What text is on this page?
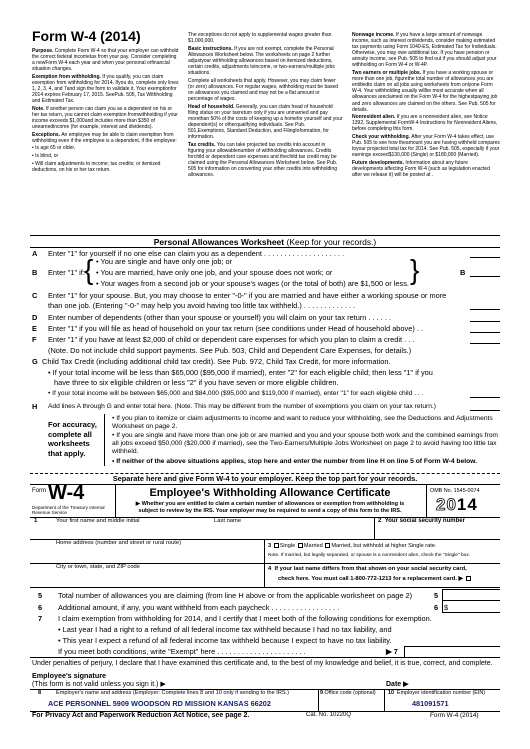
Form W-4 (2014)

Purpose. Complete Form W-4 so that your employer can withhold the correct federal incometax from your pay. Consider completing a newForm W-4 each year and when your personal orfinancial situation changes.

Exemption from withholding. If you qualify, you can claim exemption from withholding for 2014. Ifyou do, complete only lines 1, 2, 3, 4, and 7and sign the form to validate it. Your exemptionfor 2014 expires February 17, 2015. SeePub. 505, Tax Withholding and Estimated Tax.

Note. If another person can claim you as a dependent on his or her tax return, you cannot claim exemption fromwithholding if your income exceeds $1,000and includes more than $350 of unearnedincome (for example, interest and dividends).

Exceptions. An employee may be able to claim exemption from withholding even if the employee is a dependent, if the employee:

• Is age 65 or older,

• Is blind, or

• Will claim adjustments to income; tax credits; or itemized deductions, on his or her tax return.

The exceptions do not apply to supplemental wages greater than $1,000,000.

Basic instructions. If you are not exempt, complete the Personal Allowances Worksheet below. The worksheets on page 2 further adjustyour withholding allowances based on itemized deductions, certain credits, adjustments toincome, or two-earners/multiple jobs situations.

Complete all worksheets that apply. However, you may claim fewer (or zero) allowances. For regular wages, withholding must be based on allowances you claimed and may not be a flat amount or percentage of wages.

Head of household. Generally, you can claim head of household filing status on your taxreturn only if you are unmarried and pay morethan 50% of the costs of keeping up a homefor yourself and your dependent(s) or otherqualifying individuals. See Pub. 501,Exemptions, Standard Deduction, and FilingInformation, for information.

Tax credits. You can take projected tax credits into account in figuring your allowablenumber of withholding allowances. Credits forchild or dependent care expenses and thechild tax credit may be claimed using the Personal Allowances Worksheet below. See Pub. 505 for information on converting your other credits into withholding allowances.

Nonwage income. If you have a large amount of nonwage income, such as interest ordividends, consider making estimated tax payments using Form 1040-ES, Estimated Tax for Individuals. Otherwise, you may owe additional tax. If you have pension or annuity income, see Pub. 505 to find out if you should adjust your withholding on Form W-4 or W-4P.

Two earners or multiple jobs. If you have a working spouse or more than one job, figurethe total number of allowances you are entitledto claim on all jobs using worksheets from onlyone Form W-4. Your withholding usually willbe most accurate when all allowances areclaimed on the Form W-4 for the highestpaying job and zero allowances are claimed on the others. See Pub. 505 for details.

Nonresident alien. If you are a nonresident alien, see Notice 1392, Supplemental FormW-4 Instructions for Nonresident Aliens, before completing this form.

Check your withholding. After your Form W-4 takes effect, use Pub. 505 to see how theamount you are having withheld compares toyour projected total tax for 2014. See Pub. 505, especially if your earnings exceed$130,000 (Single) or $180,000 (Married).

Future developments. Information about any future developments affecting Form W-4 (such as legislation enacted after we release it) will be posted at .

Personal Allowances Worksheet (Keep for your records.)
A	Enter "1" for yourself if no one else can claim you as a dependent . . . . . . . . . . . . . . . . . . . .
B	Enter "1" if: { • You are single and have only one job; or
• You are married, have only one job, and your spouse does not work; or
• Your wages from a second job or your spouse's wages (or the total of both) are $1,500 or less. }	B
C	Enter "1" for your spouse. But, you may choose to enter "-0-" if you are married and have either a working spouse or more
than one job. (Entering "-0-" may help you avoid having too little tax withheld.) . . . . . . . . . . . . .
D	Enter number of dependents (other than your spouse or yourself) you will claim on your tax return . . . . . .
E	Enter "1" if you will file as head of household on your tax return (see conditions under Head of household above) . .
F	Enter "1" if you have at least $2,000 of child or dependent care expenses for which you plan to claim a credit . . .
(Note. Do not include child support payments. See Pub. 503, Child and Dependent Care Expenses, for details.)
G Child Tax Credit (including additional child tax credit). See Pub. 972, Child Tax Credit, for more information.
• If your total income will be less than $65,000 ($95,000 if married), enter "2" for each eligible child; then less "1" if you
have three to six eligible children or less "2" if you have seven or more eligible children.
• If your total income will be between $65,000 and $84,000 ($95,000 and $119,000 if married), enter "1" for each eligible child . . .
H	Add lines A through G and enter total here. (Note. This may be different from the number of exemptions you claim on your tax return.)
For accuracy, complete all worksheets that apply.
• If you plan to itemize or claim adjustments to income and want to reduce your withholding, see the Deductions and Adjustments Worksheet on page 2.
• If you are single and have more than one job or are married and you and your spouse both work and the combined earnings from all jobs exceed $50,000 ($20,000 if married), see the Two-Earners/Multiple Jobs Worksheet on page 2 to avoid having too little tax withheld.
• If neither of the above situations applies, stop here and enter the number from line H on line 5 of Form W-4 below.
Separate here and give Form W-4 to your employer. Keep the top part for your records.
Form W-4
Department of the Treasury Internal Revenue Service
Employee's Withholding Allowance Certificate
▶ Whether you are entitled to claim a certain number of allowances or exemption from withholding is
subject to review by the IRS. Your employer may be required to send a copy of this form to the IRS.
OMB No. 1545-0074
2014
1	Your first name and middle initial	Last name	2 Your social security number
Home address (number and street or rural route)	3 Single Married Married, but withhold at higher Single rate.
Note. If married, but legally separated, or spouse is a nonresident alien, check the "Single" box.
City or town, state, and ZIP code	4 If your last name differs from that shown on your social security card,
check here. You must call 1-800-772-1213 for a replacement card. ▶
5 Total number of allowances you are claiming (from line H above or from the applicable worksheet on page 2)	5
6 Additional amount, if any, you want withheld from each paycheck . . . . . . . . . . . . . . . . .	6 $
7 I claim exemption from withholding for 2014, and I certify that I meet both of the following conditions for exemption.
• Last year I had a right to a refund of all federal income tax withheld because I had no tax liability, and
• This year I expect a refund of all federal income tax withheld because I expect to have no tax liability.
If you meet both conditions, write "Exempt" here . . . . . . . . . . . . . . . . . . . . . .	▶ 7
Under penalties of perjury, I declare that I have examined this certificate and, to the best of my knowledge and belief, it is true, correct, and complete.
Employee's signature
(This form is not valid unless you sign it.) ▶	Date ▶
8	Employer's name and address (Employer: Complete lines 8 and 10 only if sending to the IRS.)	9 Office code (optional) 10 Employer identification number (EIN)
ACE PERSONNEL 5909 WOODSON RD MISSION KANSAS 66202	481091571
For Privacy Act and Paperwork Reduction Act Notice, see page 2.	Cat. No. 10220Q	Form W-4 (2014)
